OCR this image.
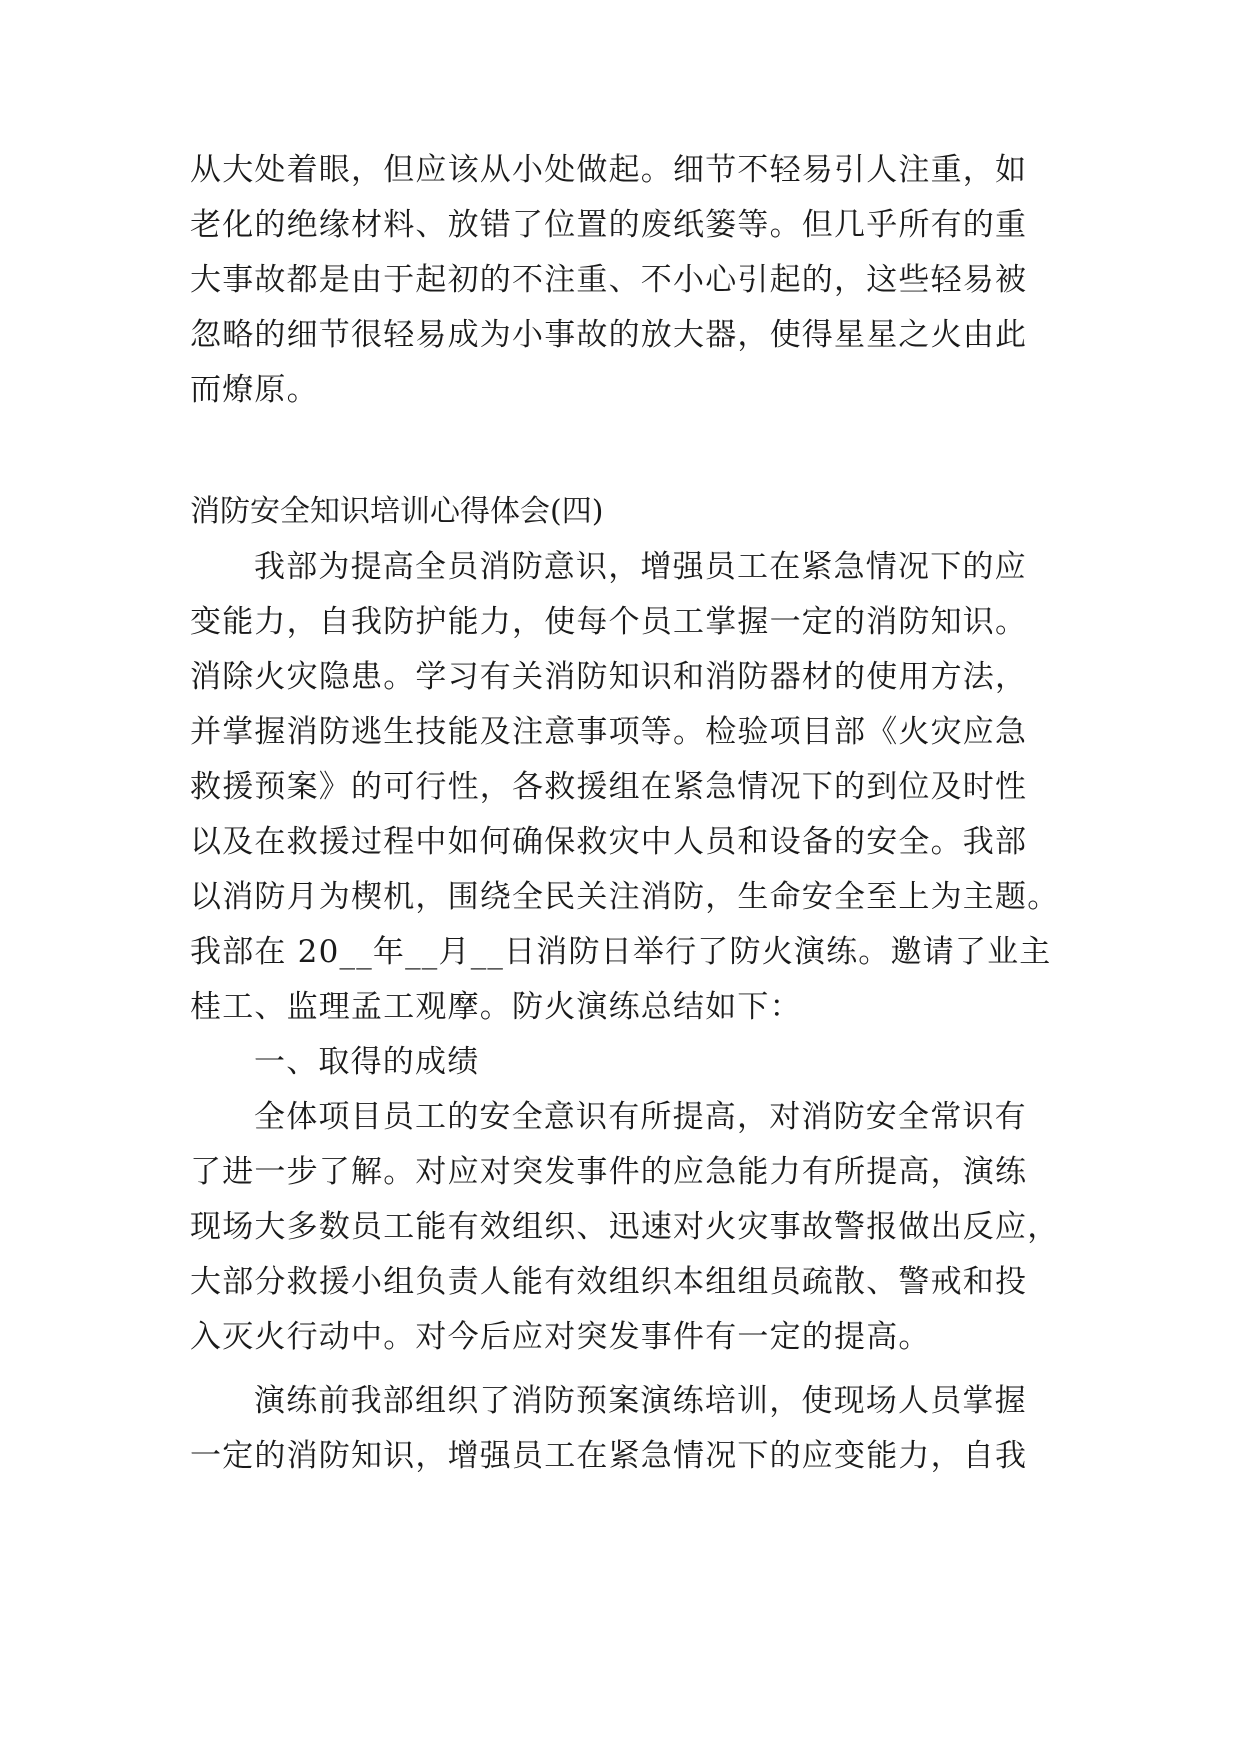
从大处着眼，但应该从小处做起。细节不轻易引人注重，如
老化的绝缘材料、放错了位置的废纸篓等。但几乎所有的重
大事故都是由于起初的不注重、不小心引起的，这些轻易被
忽略的细节很轻易成为小事故的放大器，使得星星之火由此
而燎原。
消防安全知识培训心得体会(四)
我部为提高全员消防意识，增强员工在紧急情况下的应
变能力，自我防护能力，使每个员工掌握一定的消防知识。
消除火灾隐患。学习有关消防知识和消防器材的使用方法，
并掌握消防逃生技能及注意事项等。检验项目部《火灾应急
救援预案》的可行性，各救援组在紧急情况下的到位及时性
以及在救援过程中如何确保救灾中人员和设备的安全。我部
以消防月为楔机，围绕全民关注消防，生命安全至上为主题。
我部在 20__年__月__日消防日举行了防火演练。邀请了业主
桂工、监理孟工观摩。防火演练总结如下：
一、取得的成绩
全体项目员工的安全意识有所提高，对消防安全常识有
了进一步了解。对应对突发事件的应急能力有所提高，演练
现场大多数员工能有效组织、迅速对火灾事故警报做出反应，
大部分救援小组负责人能有效组织本组组员疏散、警戒和投
入灭火行动中。对今后应对突发事件有一定的提高。
演练前我部组织了消防预案演练培训，使现场人员掌握
一定的消防知识，增强员工在紧急情况下的应变能力，自我
